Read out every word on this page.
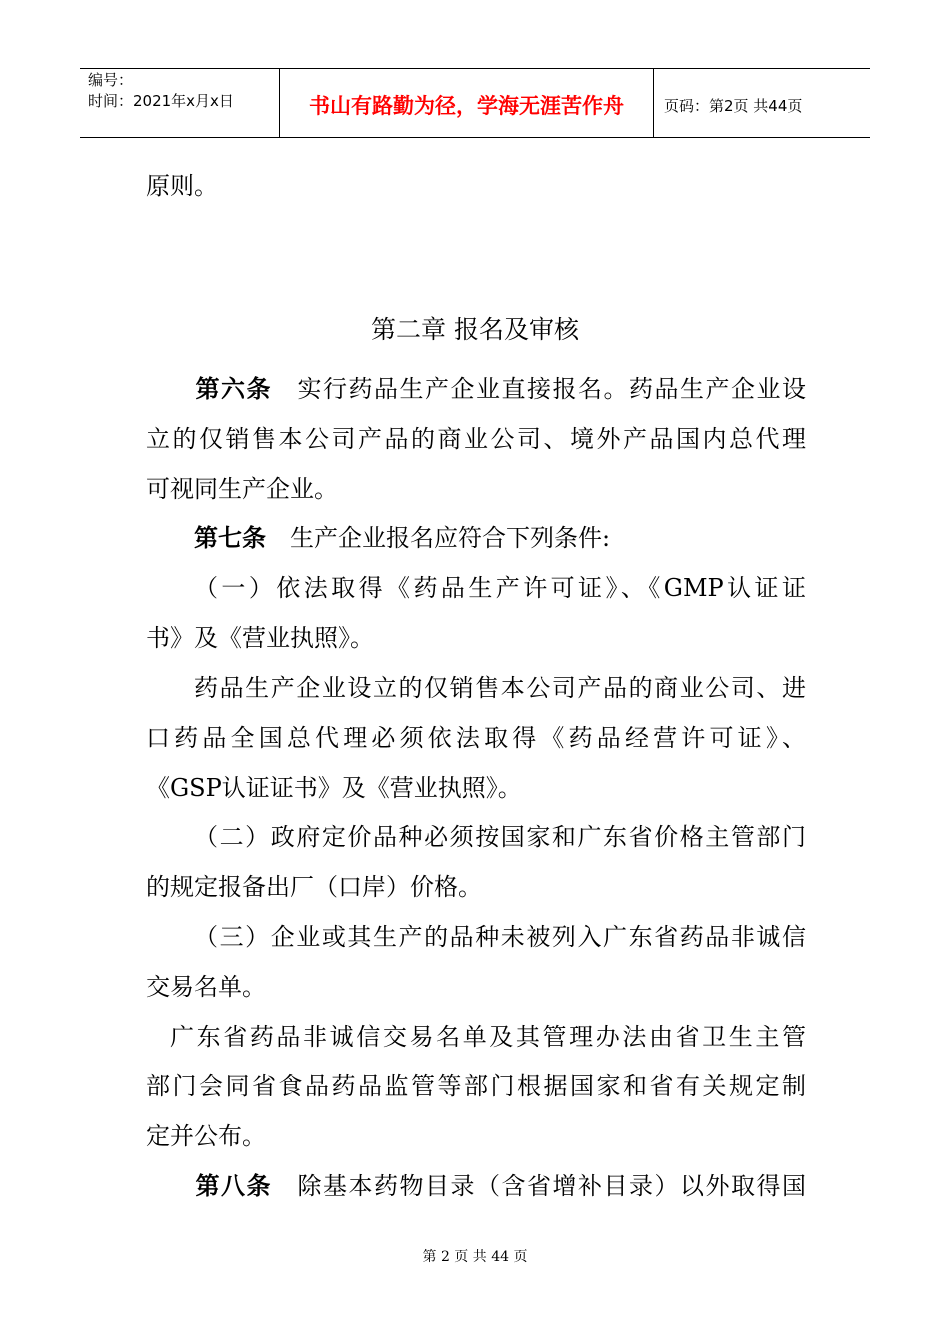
编号：
时间：2021年x月x日	书山有路勤为径，学海无涯苦作舟	页码：第2页 共44页
原则。
第二章 报名及审核
第六条 实行药品生产企业直接报名。药品生产企业设
立的仅销售本公司产品的商业公司、境外产品国内总代理
可视同生产企业。
第七条 生产企业报名应符合下列条件:
（一）依法取得《药品生产许可证》、《GMP认证证
书》及《营业执照》。
药品生产企业设立的仅销售本公司产品的商业公司、进
口药品全国总代理必须依法取得《药品经营许可证》、
《GSP认证证书》及《营业执照》。
（二）政府定价品种必须按国家和广东省价格主管部门
的规定报备出厂（口岸）价格。
（三）企业或其生产的品种未被列入广东省药品非诚信
交易名单。
广东省药品非诚信交易名单及其管理办法由省卫生主管
部门会同省食品药品监管等部门根据国家和省有关规定制
定并公布。
第八条 除基本药物目录（含省增补目录）以外取得国
第 2 页 共 44 页
